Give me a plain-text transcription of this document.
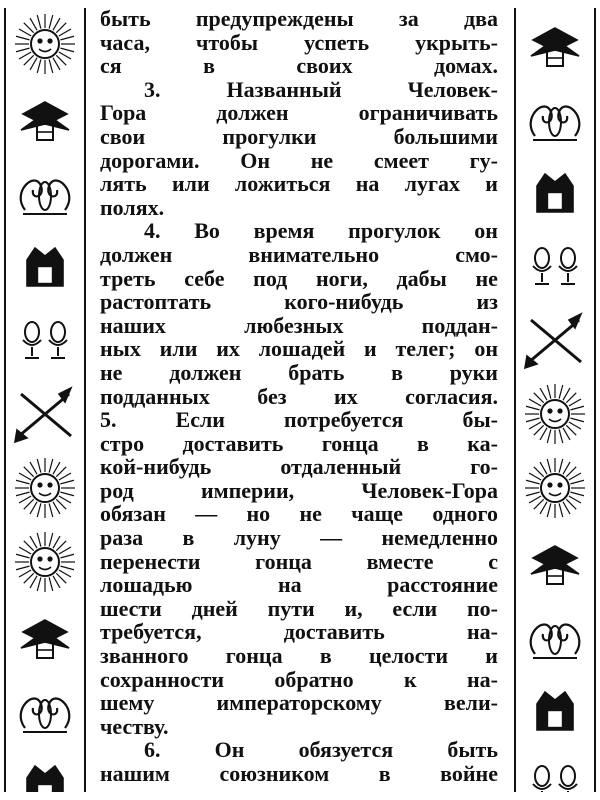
быть предупреждены за два
часа, чтобы успеть укрыть-
ся	в	своих	домах.
3.	Названный	Человек-
Гора	должен	ограничивать
свои	прогулки	большими
дорогами. Он не смеет гу-
лять или ложиться на лугах и
полях.
4. Во время прогулок он
должен	внимательно	смо-
треть себе под ноги, дабы не
растоптать	кого-нибудь	из
наших	любезных	поддан-
ных или их лошадей и телег; он
не должен брать в руки
подданных без их согласия.
5.	Если	потребуется	бы-
стро доставить гонца в ка-
кой-нибудь	отдаленный	го-
род	империи,	Человек-Гора
обязан — но не чаще одного
раза в луну — немедленно
перенести гонца вместе с
лошадью	на	расстояние
шести дней пути и, если по-
требуется,	доставить	на-
званного гонца в целости и
сохранности обратно к на-
шему	императорскому	вели-
честву.
6. Он обязуется быть
нашим союзником в войне
